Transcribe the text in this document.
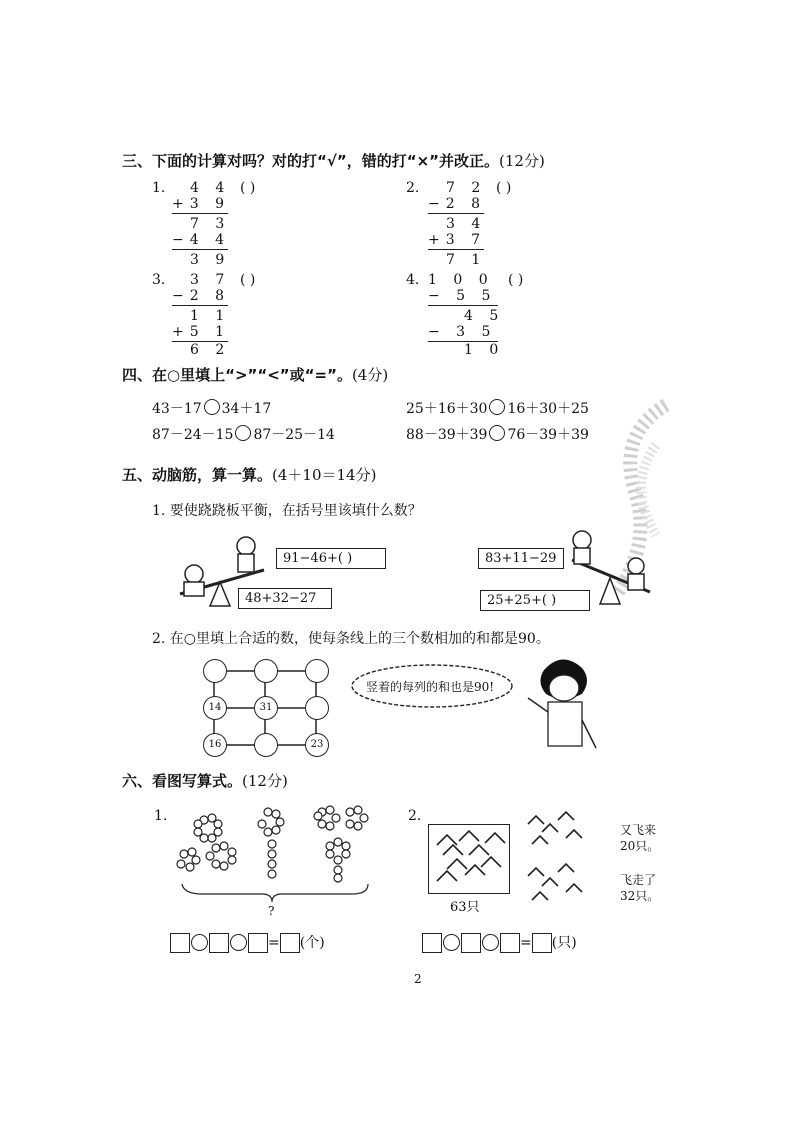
三、下面的计算对吗？对的打“√”，错的打“×”并改正。(12分)
1. 4 4 ( )
+3 9
7 3
−4 4
3 9
2. 7 2 ( )
−2 8
3 4
+3 7
7 1
3. 3 7 ( )
−2 8
1 1
+5 1
6 2
4. 1 0 0 ( )
− 5 5
4 5
− 3 5
1 0
四、在○里填上“>”“<”或“=”。(4分)
43－17 34＋17	25＋16＋30 16＋30＋25
87－24－15 87－25－14	88－39＋39 76－39＋39
五、动脑筋，算一算。(4＋10＝14分)
1. 要使跷跷板平衡，在括号里该填什么数？
91−46+( )
48+32−27
83+11−29
25+25+( )
2. 在○里填上合适的数，使每条线上的三个数相加的和都是90。
14	31
16	23
竖着的每列的和也是90!
六、看图写算式。(12分)
1.
?
= (个)
2.
63只
又飞来20只。
飞走了32只。
= (只)
2
